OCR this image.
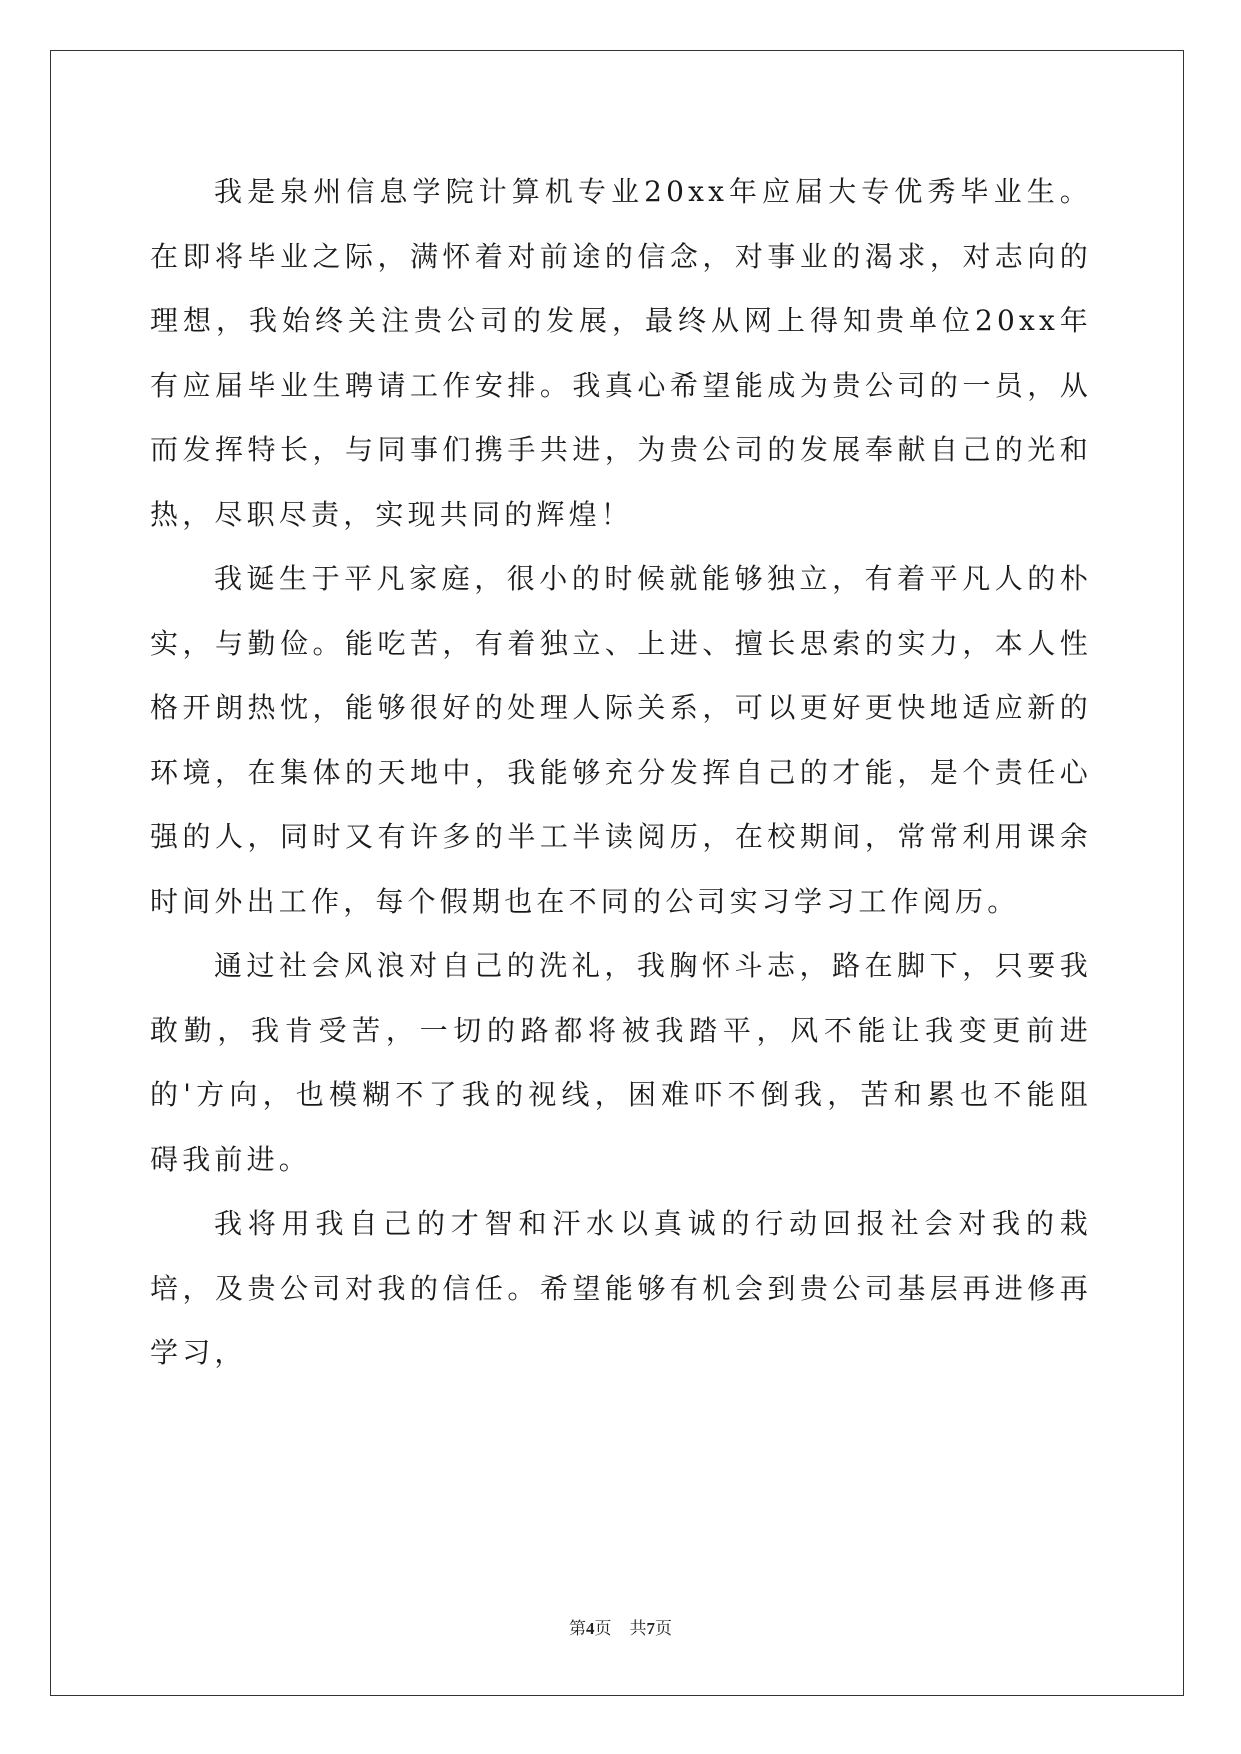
我是泉州信息学院计算机专业20xx年应届大专优秀毕业生。在即将毕业之际，满怀着对前途的信念，对事业的渴求，对志向的理想，我始终关注贵公司的发展，最终从网上得知贵单位20xx年有应届毕业生聘请工作安排。我真心希望能成为贵公司的一员，从而发挥特长，与同事们携手共进，为贵公司的发展奉献自己的光和热，尽职尽责，实现共同的辉煌！

我诞生于平凡家庭，很小的时候就能够独立，有着平凡人的朴实，与勤俭。能吃苦，有着独立、上进、擅长思索的实力，本人性格开朗热忱，能够很好的处理人际关系，可以更好更快地适应新的环境，在集体的天地中，我能够充分发挥自己的才能，是个责任心强的人，同时又有许多的半工半读阅历，在校期间，常常利用课余时间外出工作，每个假期也在不同的公司实习学习工作阅历。

通过社会风浪对自己的洗礼，我胸怀斗志，路在脚下，只要我敢勤，我肯受苦，一切的路都将被我踏平，风不能让我变更前进的'方向，也模糊不了我的视线，困难吓不倒我，苦和累也不能阻碍我前进。

我将用我自己的才智和汗水以真诚的行动回报社会对我的栽培，及贵公司对我的信任。希望能够有机会到贵公司基层再进修再学习，

第4页 共7页
